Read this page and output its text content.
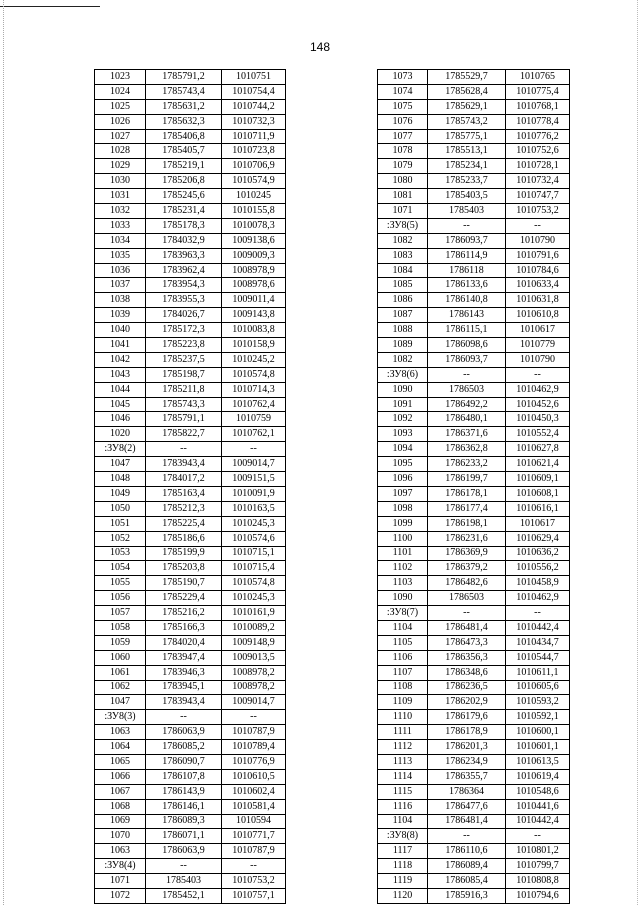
148
1023	1785791,2	1010751
1024	1785743,4	1010754,4
1025	1785631,2	1010744,2
1026	1785632,3	1010732,3
1027	1785406,8	1010711,9
1028	1785405,7	1010723,8
1029	1785219,1	1010706,9
1030	1785206,8	1010574,9
1031	1785245,6	1010245
1032	1785231,4	1010155,8
1033	1785178,3	1010078,3
1034	1784032,9	1009138,6
1035	1783963,3	1009009,3
1036	1783962,4	1008978,9
1037	1783954,3	1008978,6
1038	1783955,3	1009011,4
1039	1784026,7	1009143,8
1040	1785172,3	1010083,8
1041	1785223,8	1010158,9
1042	1785237,5	1010245,2
1043	1785198,7	1010574,8
1044	1785211,8	1010714,3
1045	1785743,3	1010762,4
1046	1785791,1	1010759
1020	1785822,7	1010762,1
:ЗУ8(2)	--	--
1047	1783943,4	1009014,7
1048	1784017,2	1009151,5
1049	1785163,4	1010091,9
1050	1785212,3	1010163,5
1051	1785225,4	1010245,3
1052	1785186,6	1010574,6
1053	1785199,9	1010715,1
1054	1785203,8	1010715,4
1055	1785190,7	1010574,8
1056	1785229,4	1010245,3
1057	1785216,2	1010161,9
1058	1785166,3	1010089,2
1059	1784020,4	1009148,9
1060	1783947,4	1009013,5
1061	1783946,3	1008978,2
1062	1783945,1	1008978,2
1047	1783943,4	1009014,7
:ЗУ8(3)	--	--
1063	1786063,9	1010787,9
1064	1786085,2	1010789,4
1065	1786090,7	1010776,9
1066	1786107,8	1010610,5
1067	1786143,9	1010602,4
1068	1786146,1	1010581,4
1069	1786089,3	1010594
1070	1786071,1	1010771,7
1063	1786063,9	1010787,9
:ЗУ8(4)	--	--
1071	1785403	1010753,2
1072	1785452,1	1010757,1
1073	1785529,7	1010765
1074	1785628,4	1010775,4
1075	1785629,1	1010768,1
1076	1785743,2	1010778,4
1077	1785775,1	1010776,2
1078	1785513,1	1010752,6
1079	1785234,1	1010728,1
1080	1785233,7	1010732,4
1081	1785403,5	1010747,7
1071	1785403	1010753,2
:ЗУ8(5)	--	--
1082	1786093,7	1010790
1083	1786114,9	1010791,6
1084	1786118	1010784,6
1085	1786133,6	1010633,4
1086	1786140,8	1010631,8
1087	1786143	1010610,8
1088	1786115,1	1010617
1089	1786098,6	1010779
1082	1786093,7	1010790
:ЗУ8(6)	--	--
1090	1786503	1010462,9
1091	1786492,2	1010452,6
1092	1786480,1	1010450,3
1093	1786371,6	1010552,4
1094	1786362,8	1010627,8
1095	1786233,2	1010621,4
1096	1786199,7	1010609,1
1097	1786178,1	1010608,1
1098	1786177,4	1010616,1
1099	1786198,1	1010617
1100	1786231,6	1010629,4
1101	1786369,9	1010636,2
1102	1786379,2	1010556,2
1103	1786482,6	1010458,9
1090	1786503	1010462,9
:ЗУ8(7)	--	--
1104	1786481,4	1010442,4
1105	1786473,3	1010434,7
1106	1786356,3	1010544,7
1107	1786348,6	1010611,1
1108	1786236,5	1010605,6
1109	1786202,9	1010593,2
1110	1786179,6	1010592,1
1111	1786178,9	1010600,1
1112	1786201,3	1010601,1
1113	1786234,9	1010613,5
1114	1786355,7	1010619,4
1115	1786364	1010548,6
1116	1786477,6	1010441,6
1104	1786481,4	1010442,4
:ЗУ8(8)	--	--
1117	1786110,6	1010801,2
1118	1786089,4	1010799,7
1119	1786085,4	1010808,8
1120	1785916,3	1010794,6
